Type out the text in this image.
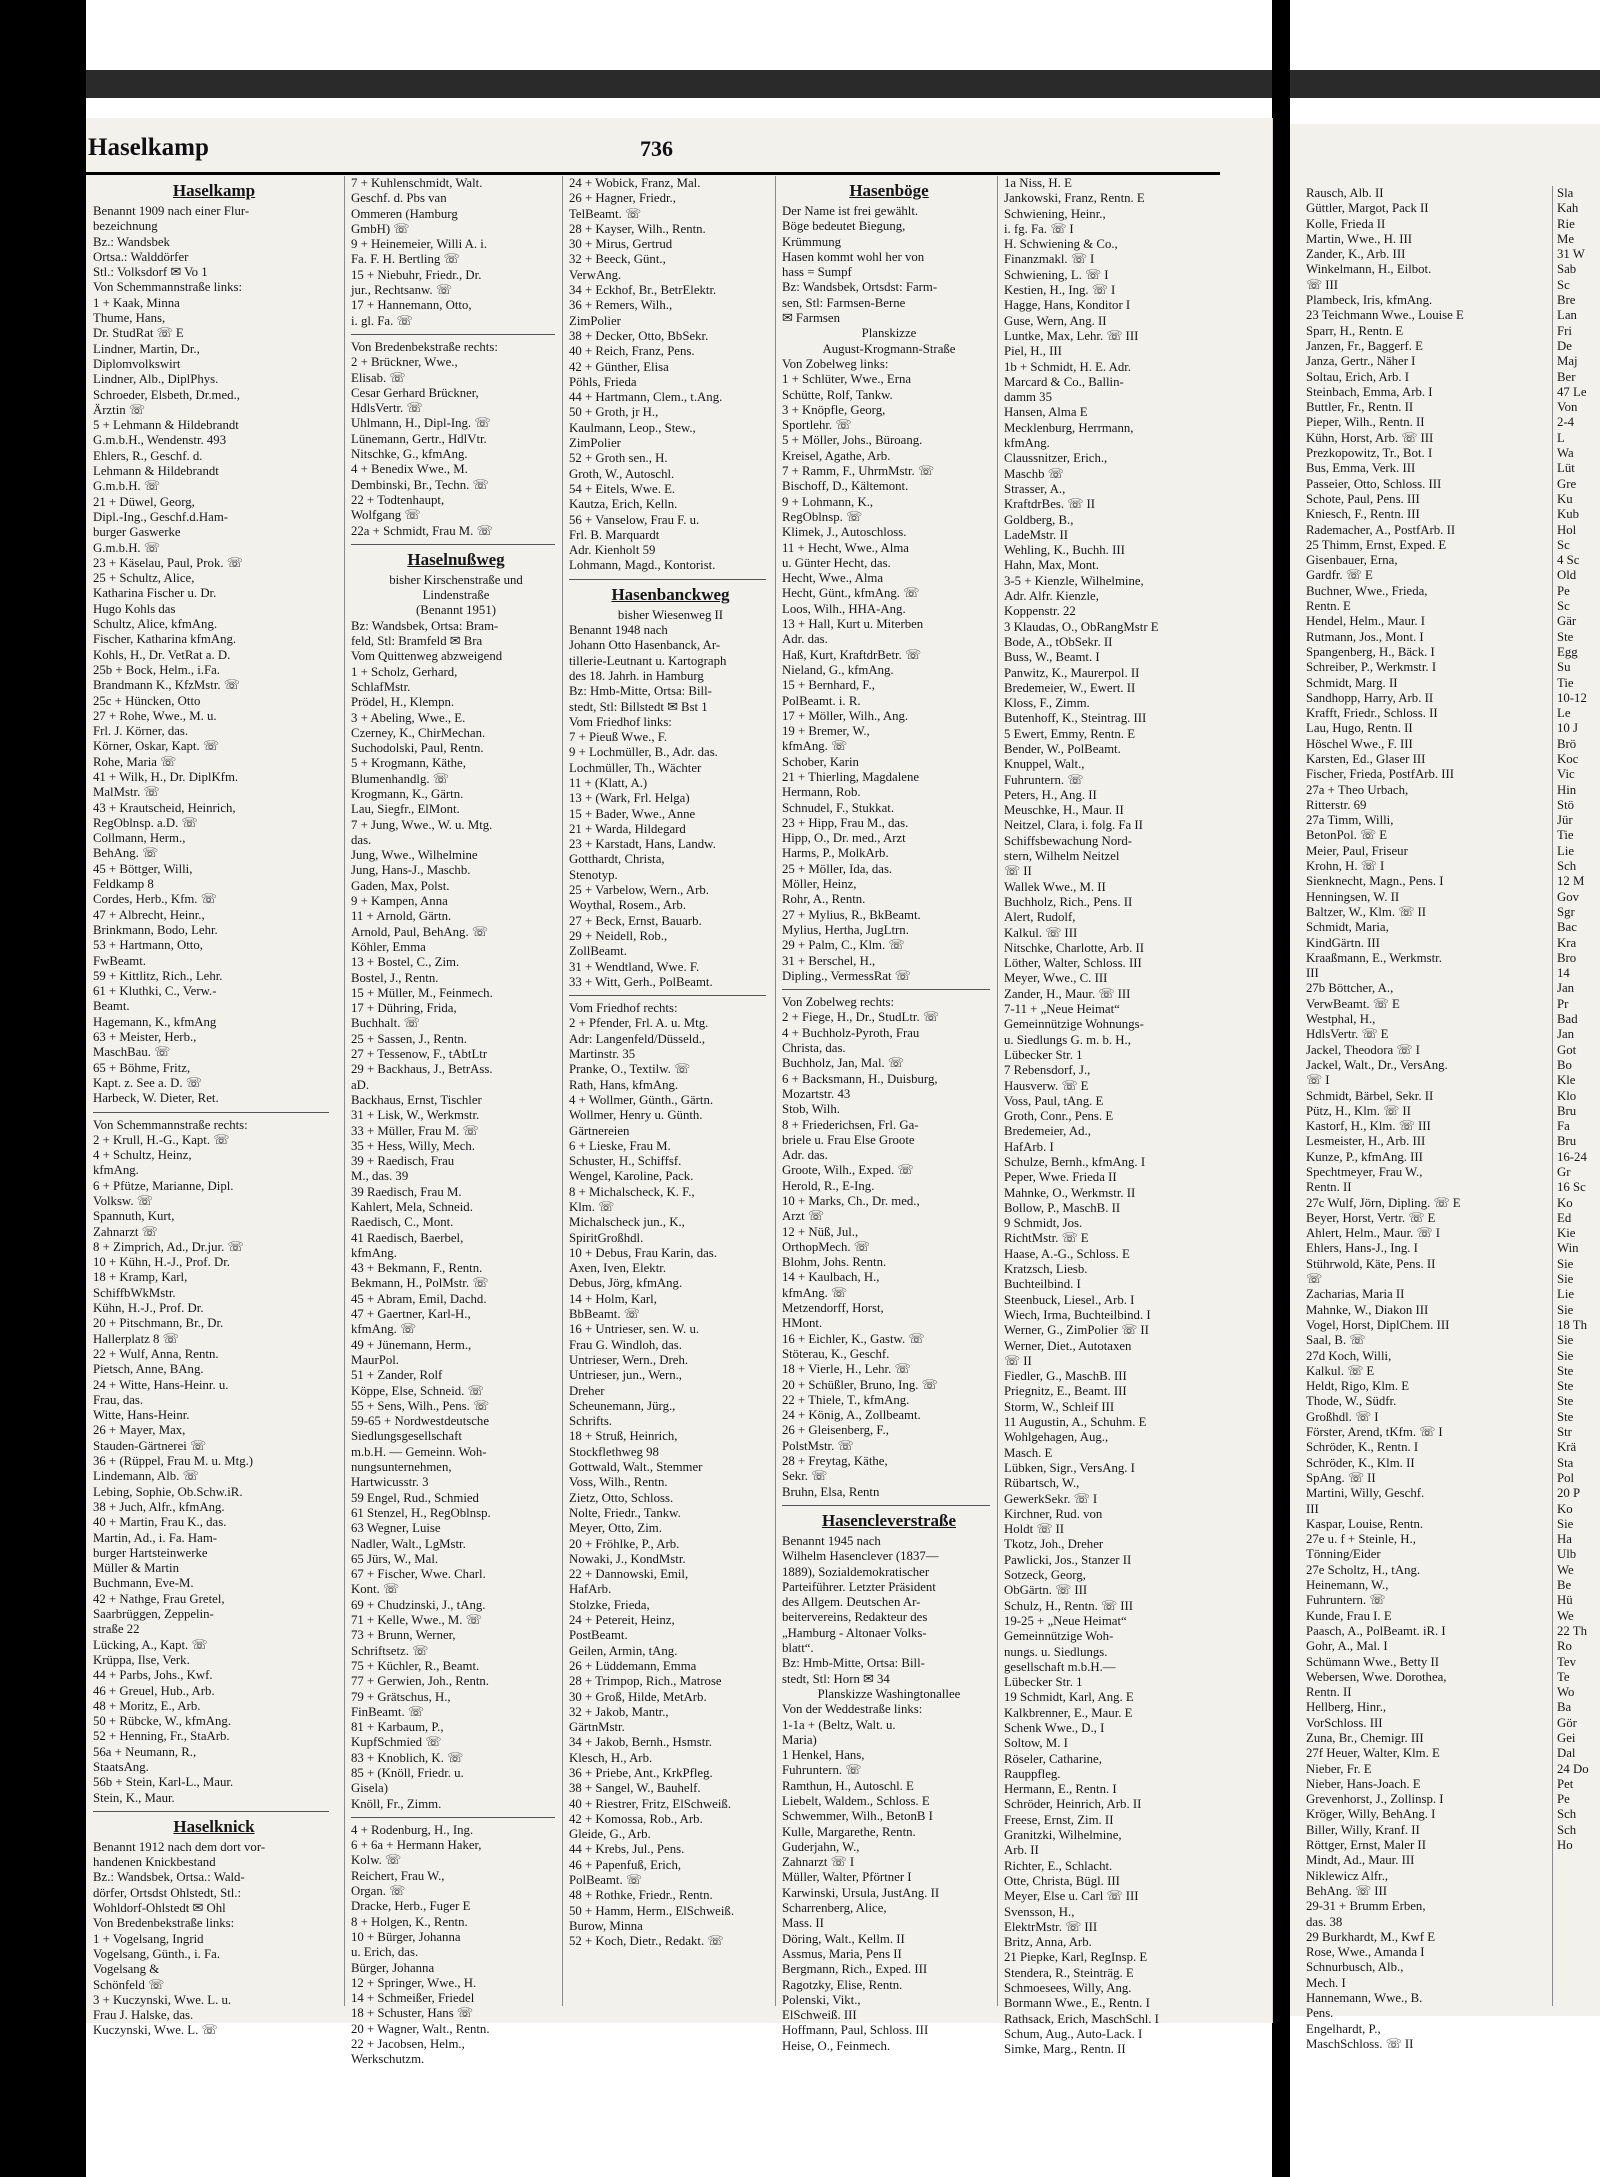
Haselkamp	736
Haselkamp
Benannt 1909 nach einer Flur-
bezeichnung
Bz.: Wandsbek
Ortsa.: Walddörfer
Stl.: Volksdorf ✉ Vo 1
Von Schemmannstraße links:
1 + Kaak, Minna
Thume, Hans,
Dr. StudRat ☏ E
Lindner, Martin, Dr.,
Diplomvolkswirt
Lindner, Alb., DiplPhys.
Schroeder, Elsbeth, Dr.med.,
Ärztin ☏
5 + Lehmann & Hildebrandt
G.m.b.H., Wendenstr. 493
Ehlers, R., Geschf. d.
Lehmann & Hildebrandt
G.m.b.H. ☏
21 + Düwel, Georg,
Dipl.-Ing., Geschf.d.Ham-
burger Gaswerke
G.m.b.H. ☏
23 + Käselau, Paul, Prok. ☏
25 + Schultz, Alice,
Katharina Fischer u. Dr.
Hugo Kohls das
Schultz, Alice, kfmAng.
Fischer, Katharina kfmAng.
Kohls, H., Dr. VetRat a. D.
25b + Bock, Helm., i.Fa.
Brandmann K., KfzMstr. ☏
25c + Hüncken, Otto
27 + Rohe, Wwe., M. u.
Frl. J. Körner, das.
Körner, Oskar, Kapt. ☏
Rohe, Maria ☏
41 + Wilk, H., Dr. DiplKfm.
MalMstr. ☏
43 + Krautscheid, Heinrich,
RegOblnsp. a.D. ☏
Collmann, Herm.,
BehAng. ☏
45 + Böttger, Willi,
Feldkamp 8
Cordes, Herb., Kfm. ☏
47 + Albrecht, Heinr.,
Brinkmann, Bodo, Lehr.
53 + Hartmann, Otto,
FwBeamt.
59 + Kittlitz, Rich., Lehr.
61 + Kluthki, C., Verw.-
Beamt.
Hagemann, K., kfmAng
63 + Meister, Herb.,
MaschBau. ☏
65 + Böhme, Fritz,
Kapt. z. See a. D. ☏
Harbeck, W. Dieter, Ret.
Von Schemmannstraße rechts:
2 + Krull, H.-G., Kapt. ☏
4 + Schultz, Heinz,
kfmAng.
6 + Pfütze, Marianne, Dipl.
Volksw. ☏
Spannuth, Kurt,
Zahnarzt ☏
8 + Zimprich, Ad., Dr.jur. ☏
10 + Kühn, H.-J., Prof. Dr.
18 + Kramp, Karl,
SchiffbWkMstr.
Kühn, H.-J., Prof. Dr.
20 + Pitschmann, Br., Dr.
Hallerplatz 8 ☏
22 + Wulf, Anna, Rentn.
Pietsch, Anne, BAng.
24 + Witte, Hans-Heinr. u.
Frau, das.
Witte, Hans-Heinr.
26 + Mayer, Max,
Stauden-Gärtnerei ☏
36 + (Rüppel, Frau M. u. Mtg.)
Lindemann, Alb. ☏
Lebing, Sophie, Ob.Schw.iR.
38 + Juch, Alfr., kfmAng.
40 + Martin, Frau K., das.
Martin, Ad., i. Fa. Ham-
burger Hartsteinwerke
Müller & Martin
Buchmann, Eve-M.
42 + Nathge, Frau Gretel,
Saarbrüggen, Zeppelin-
straße 22
Lücking, A., Kapt. ☏
Krüppa, Ilse, Verk.
44 + Parbs, Johs., Kwf.
46 + Greuel, Hub., Arb.
48 + Moritz, E., Arb.
50 + Rübcke, W., kfmAng.
52 + Henning, Fr., StaArb.
56a + Neumann, R.,
StaatsAng.
56b + Stein, Karl-L., Maur.
Stein, K., Maur.
Haselknick
Benannt 1912 nach dem dort vor-
handenen Knickbestand
Bz.: Wandsbek, Ortsa.: Wald-
dörfer, Ortsdst Ohlstedt, Stl.:
Wohldorf-Ohlstedt ✉ Ohl
Von Bredenbekstraße links:
1 + Vogelsang, Ingrid
Vogelsang, Günth., i. Fa.
Vogelsang &
Schönfeld ☏
3 + Kuczynski, Wwe. L. u.
Frau J. Halske, das.
Kuczynski, Wwe. L. ☏
7 + Kuhlenschmidt, Walt.
Geschf. d. Pbs van
Ommeren (Hamburg
GmbH) ☏
9 + Heinemeier, Willi A. i.
Fa. F. H. Bertling ☏
15 + Niebuhr, Friedr., Dr.
jur., Rechtsanw. ☏
17 + Hannemann, Otto,
i. gl. Fa. ☏
Von Bredenbekstraße rechts:
2 + Brückner, Wwe.,
Elisab. ☏
Cesar Gerhard Brückner,
HdlsVertr. ☏
Uhlmann, H., Dipl-Ing. ☏
Lünemann, Gertr., HdlVtr.
Nitschke, G., kfmAng.
4 + Benedix Wwe., M.
Dembinski, Br., Techn. ☏
22 + Todtenhaupt,
Wolfgang ☏
22a + Schmidt, Frau M. ☏
Haselnußweg
bisher Kirschenstraße und
Lindenstraße
(Benannt 1951)
Bz: Wandsbek, Ortsa: Bram-
feld, Stl: Bramfeld ✉ Bra
Vom Quittenweg abzweigend
1 + Scholz, Gerhard,
SchlafMstr.
Prödel, H., Klempn.
3 + Abeling, Wwe., E.
Czerney, K., ChirMechan.
Suchodolski, Paul, Rentn.
5 + Krogmann, Käthe,
Blumenhandlg. ☏
Krogmann, K., Gärtn.
Lau, Siegfr., ElMont.
7 + Jung, Wwe., W. u. Mtg.
das.
Jung, Wwe., Wilhelmine
Jung, Hans-J., Maschb.
Gaden, Max, Polst.
9 + Kampen, Anna
11 + Arnold, Gärtn.
Arnold, Paul, BehAng. ☏
Köhler, Emma
13 + Bostel, C., Zim.
Bostel, J., Rentn.
15 + Müller, M., Feinmech.
17 + Dühring, Frida,
Buchhalt. ☏
25 + Sassen, J., Rentn.
27 + Tessenow, F., tAbtLtr
29 + Backhaus, J., BetrAss.
aD.
Backhaus, Ernst, Tischler
31 + Lisk, W., Werkmstr.
33 + Müller, Frau M. ☏
35 + Hess, Willy, Mech.
39 + Raedisch, Frau
M., das. 39
39 Raedisch, Frau M.
Kahlert, Mela, Schneid.
Raedisch, C., Mont.
41 Raedisch, Baerbel,
kfmAng.
43 + Bekmann, F., Rentn.
Bekmann, H., PolMstr. ☏
45 + Abram, Emil, Dachd.
47 + Gaertner, Karl-H.,
kfmAng. ☏
49 + Jünemann, Herm.,
MaurPol.
51 + Zander, Rolf
Köppe, Else, Schneid. ☏
55 + Sens, Wilh., Pens. ☏
59-65 + Nordwestdeutsche
Siedlungsgesellschaft
m.b.H. — Gemeinn. Woh-
nungsunternehmen,
Hartwicusstr. 3
59 Engel, Rud., Schmied
61 Stenzel, H., RegOblnsp.
63 Wegner, Luise
Nadler, Walt., LgMstr.
65 Jürs, W., Mal.
67 + Fischer, Wwe. Charl.
Kont. ☏
69 + Chudzinski, J., tAng.
71 + Kelle, Wwe., M. ☏
73 + Brunn, Werner,
Schriftsetz. ☏
75 + Küchler, R., Beamt.
77 + Gerwien, Joh., Rentn.
79 + Grätschus, H.,
FinBeamt. ☏
81 + Karbaum, P.,
KupfSchmied ☏
83 + Knoblich, K. ☏
85 + (Knöll, Friedr. u.
Gisela)
Knöll, Fr., Zimm.
4 + Rodenburg, H., Ing.
6 + 6a + Hermann Haker,
Kolw. ☏
Reichert, Frau W.,
Organ. ☏
Dracke, Herb., Fuger E
8 + Holgen, K., Rentn.
10 + Bürger, Johanna
u. Erich, das.
Bürger, Johanna
12 + Springer, Wwe., H.
14 + Schmeißer, Friedel
18 + Schuster, Hans ☏
20 + Wagner, Walt., Rentn.
22 + Jacobsen, Helm.,
Werkschutzm.
24 + Wobick, Franz, Mal.
26 + Hagner, Friedr.,
TelBeamt. ☏
28 + Kayser, Wilh., Rentn.
30 + Mirus, Gertrud
32 + Beeck, Günt.,
VerwAng.
34 + Eckhof, Br., BetrElektr.
36 + Remers, Wilh.,
ZimPolier
38 + Decker, Otto, BbSekr.
40 + Reich, Franz, Pens.
42 + Günther, Elisa
Pöhls, Frieda
44 + Hartmann, Clem., t.Ang.
50 + Groth, jr H.,
Kaulmann, Leop., Stew.,
ZimPolier
52 + Groth sen., H.
Groth, W., Autoschl.
54 + Eitels, Wwe. E.
Kautza, Erich, Kelln.
56 + Vanselow, Frau F. u.
Frl. B. Marquardt
Adr. Kienholt 59
Lohmann, Magd., Kontorist.
Hasenbanckweg
bisher Wiesenweg II
Benannt 1948 nach
Johann Otto Hasenbanck, Ar-
tillerie-Leutnant u. Kartograph
des 18. Jahrh. in Hamburg
Bz: Hmb-Mitte, Ortsa: Bill-
stedt, Stl: Billstedt ✉ Bst 1
Vom Friedhof links:
7 + Pieuß Wwe., F.
9 + Lochmüller, B., Adr. das.
Lochmüller, Th., Wächter
11 + (Klatt, A.)
13 + (Wark, Frl. Helga)
15 + Bader, Wwe., Anne
21 + Warda, Hildegard
23 + Karstadt, Hans, Landw.
Gotthardt, Christa,
Stenotyp.
25 + Varbelow, Wern., Arb.
Woythal, Rosem., Arb.
27 + Beck, Ernst, Bauarb.
29 + Neidell, Rob.,
ZollBeamt.
31 + Wendtland, Wwe. F.
33 + Witt, Gerh., PolBeamt.
Vom Friedhof rechts:
2 + Pfender, Frl. A. u. Mtg.
Adr: Langenfeld/Düsseld.,
Martinstr. 35
Pranke, O., Textilw. ☏
Rath, Hans, kfmAng.
4 + Wollmer, Günth., Gärtn.
Wollmer, Henry u. Günth.
Gärtnereien
6 + Lieske, Frau M.
Schuster, H., Schiffsf.
Wengel, Karoline, Pack.
8 + Michalscheck, K. F.,
Klm. ☏
Michalscheck jun., K.,
SpiritGroßhdl.
10 + Debus, Frau Karin, das.
Axen, Iven, Elektr.
Debus, Jörg, kfmAng.
14 + Holm, Karl,
BbBeamt. ☏
16 + Untrieser, sen. W. u.
Frau G. Windloh, das.
Untrieser, Wern., Dreh.
Untrieser, jun., Wern.,
Dreher
Scheunemann, Jürg.,
Schrifts.
18 + Struß, Heinrich,
Stockflethweg 98
Gottwald, Walt., Stemmer
Voss, Wilh., Rentn.
Zietz, Otto, Schloss.
Nolte, Friedr., Tankw.
Meyer, Otto, Zim.
20 + Fröhlke, P., Arb.
Nowaki, J., KondMstr.
22 + Dannowski, Emil,
HafArb.
Stolzke, Frieda,
24 + Petereit, Heinz,
PostBeamt.
Geilen, Armin, tAng.
26 + Lüddemann, Emma
28 + Trimpop, Rich., Matrose
30 + Groß, Hilde, MetArb.
32 + Jakob, Mantr.,
GärtnMstr.
34 + Jakob, Bernh., Hsmstr.
Klesch, H., Arb.
36 + Priebe, Ant., KrkPfleg.
38 + Sangel, W., Bauhelf.
40 + Riestrer, Fritz, ElSchweiß.
42 + Komossa, Rob., Arb.
Gleide, G., Arb.
44 + Krebs, Jul., Pens.
46 + Papenfuß, Erich,
PolBeamt. ☏
48 + Rothke, Friedr., Rentn.
50 + Hamm, Herm., ElSchweiß.
Burow, Minna
52 + Koch, Dietr., Redakt. ☏
Hasenböge
Der Name ist frei gewählt.
Böge bedeutet Biegung,
Krümmung
Hasen kommt wohl her von
hass = Sumpf
Bz: Wandsbek, Ortsdst: Farm-
sen, Stl: Farmsen-Berne
✉ Farmsen
Planskizze
August-Krogmann-Straße
Von Zobelweg links:
1 + Schlüter, Wwe., Erna
Schütte, Rolf, Tankw.
3 + Knöpfle, Georg,
Sportlehr. ☏
5 + Möller, Johs., Büroang.
Kreisel, Agathe, Arb.
7 + Ramm, F., UhrmMstr. ☏
Bischoff, D., Kältemont.
9 + Lohmann, K.,
RegOblnsp. ☏
Klimek, J., Autoschloss.
11 + Hecht, Wwe., Alma
u. Günter Hecht, das.
Hecht, Wwe., Alma
Hecht, Günt., kfmAng. ☏
Loos, Wilh., HHA-Ang.
13 + Hall, Kurt u. Miterben
Adr. das.
Haß, Kurt, KraftdrBetr. ☏
Nieland, G., kfmAng.
15 + Bernhard, F.,
PolBeamt. i. R.
17 + Möller, Wilh., Ang.
19 + Bremer, W.,
kfmAng. ☏
Schober, Karin
21 + Thierling, Magdalene
Hermann, Rob.
Schnudel, F., Stukkat.
23 + Hipp, Frau M., das.
Hipp, O., Dr. med., Arzt
Harms, P., MolkArb.
25 + Möller, Ida, das.
Möller, Heinz,
Rohr, A., Rentn.
27 + Mylius, R., BkBeamt.
Mylius, Hertha, JugLtrn.
29 + Palm, C., Klm. ☏
31 + Berschel, H.,
Dipling., VermessRat ☏
Von Zobelweg rechts:
2 + Fiege, H., Dr., StudLtr. ☏
4 + Buchholz-Pyroth, Frau
Christa, das.
Buchholz, Jan, Mal. ☏
6 + Backsmann, H., Duisburg,
Mozartstr. 43
Stob, Wilh.
8 + Friederichsen, Frl. Ga-
briele u. Frau Else Groote
Adr. das.
Groote, Wilh., Exped. ☏
Herold, R., E-Ing.
10 + Marks, Ch., Dr. med.,
Arzt ☏
12 + Nüß, Jul.,
OrthopMech. ☏
Blohm, Johs. Rentn.
14 + Kaulbach, H.,
kfmAng. ☏
Metzendorff, Horst,
HMont.
16 + Eichler, K., Gastw. ☏
Stöterau, K., Geschf.
18 + Vierle, H., Lehr. ☏
20 + Schüßler, Bruno, Ing. ☏
22 + Thiele, T., kfmAng.
24 + König, A., Zollbeamt.
26 + Gleisenberg, F.,
PolstMstr. ☏
28 + Freytag, Käthe,
Sekr. ☏
Bruhn, Elsa, Rentn
Hasencleverstraße
Benannt 1945 nach
Wilhelm Hasenclever (1837—
1889), Sozialdemokratischer
Parteiführer. Letzter Präsident
des Allgem. Deutschen Ar-
beitervereins, Redakteur des
„Hamburg - Altonaer Volks-
blatt“.
Bz: Hmb-Mitte, Ortsa: Bill-
stedt, Stl: Horn ✉ 34
Planskizze Washingtonallee
Von der Weddestraße links:
1-1a + (Beltz, Walt. u.
Maria)
1 Henkel, Hans,
Fuhruntern. ☏
Ramthun, H., Autoschl. E
Liebelt, Waldem., Schloss. E
Schwemmer, Wilh., BetonB I
Kulle, Margarethe, Rentn.
Guderjahn, W.,
Zahnarzt ☏ I
Müller, Walter, Pförtner I
Karwinski, Ursula, JustAng. II
Scharrenberg, Alice,
Mass. II
Döring, Walt., Kellm. II
Assmus, Maria, Pens II
Bergmann, Rich., Exped. III
Ragotzky, Elise, Rentn.
Polenski, Vikt.,
ElSchweiß. III
Hoffmann, Paul, Schloss. III
Heise, O., Feinmech.
1a Niss, H. E
Jankowski, Franz, Rentn. E
Schwiening, Heinr.,
i. fg. Fa. ☏ I
H. Schwiening & Co.,
Finanzmakl. ☏ I
Schwiening, L. ☏ I
Kestien, H., Ing. ☏ I
Hagge, Hans, Konditor I
Guse, Wern, Ang. II
Luntke, Max, Lehr. ☏ III
Piel, H., III
1b + Schmidt, H. E. Adr.
Marcard & Co., Ballin-
damm 35
Hansen, Alma E
Mecklenburg, Herrmann,
kfmAng.
Claussnitzer, Erich.,
Maschb ☏
Strasser, A.,
KraftdrBes. ☏ II
Goldberg, B.,
LadeMstr. II
Wehling, K., Buchh. III
Hahn, Max, Mont.
3-5 + Kienzle, Wilhelmine,
Adr. Alfr. Kienzle,
Koppenstr. 22
3 Klaudas, O., ObRangMstr E
Bode, A., tObSekr. II
Buss, W., Beamt. I
Panwitz, K., Maurerpol. II
Bredemeier, W., Ewert. II
Kloss, F., Zimm.
Butenhoff, K., Steintrag. III
5 Ewert, Emmy, Rentn. E
Bender, W., PolBeamt.
Knuppel, Walt.,
Fuhruntern. ☏
Peters, H., Ang. II
Meuschke, H., Maur. II
Neitzel, Clara, i. folg. Fa II
Schiffsbewachung Nord-
stern, Wilhelm Neitzel
☏ II
Wallek Wwe., M. II
Buchholz, Rich., Pens. II
Alert, Rudolf,
Kalkul. ☏ III
Nitschke, Charlotte, Arb. II
Löther, Walter, Schloss. III
Meyer, Wwe., C. III
Zander, H., Maur. ☏ III
7-11 + „Neue Heimat“
Gemeinnützige Wohnungs-
u. Siedlungs G. m. b. H.,
Lübecker Str. 1
7 Rebensdorf, J.,
Hausverw. ☏ E
Voss, Paul, tAng. E
Groth, Conr., Pens. E
Bredemeier, Ad.,
HafArb. I
Schulze, Bernh., kfmAng. I
Peper, Wwe. Frieda II
Mahnke, O., Werkmstr. II
Bollow, P., MaschB. II
9 Schmidt, Jos.
RichtMstr. ☏ E
Haase, A.-G., Schloss. E
Kratzsch, Liesb.
Buchteilbind. I
Steenbuck, Liesel., Arb. I
Wiech, Irma, Buchteilbind. I
Werner, G., ZimPolier ☏ II
Werner, Diet., Autotaxen
☏ II
Fiedler, G., MaschB. III
Priegnitz, E., Beamt. III
Storm, W., Schleif III
11 Augustin, A., Schuhm. E
Wohlgehagen, Aug.,
Masch. E
Lübken, Sigr., VersAng. I
Rübartsch, W.,
GewerkSekr. ☏ I
Kirchner, Rud. von
Holdt ☏ II
Tkotz, Joh., Dreher
Pawlicki, Jos., Stanzer II
Sotzeck, Georg,
ObGärtn. ☏ III
Schulz, H., Rentn. ☏ III
19-25 + „Neue Heimat“
Gemeinnützige Woh-
nungs. u. Siedlungs.
gesellschaft m.b.H.—
Lübecker Str. 1
19 Schmidt, Karl, Ang. E
Kalkbrenner, E., Maur. E
Schenk Wwe., D., I
Soltow, M. I
Röseler, Catharine,
Rauppflеg.
Hermann, E., Rentn. I
Schröder, Heinrich, Arb. II
Freese, Ernst, Zim. II
Granitzki, Wilhelmine,
Arb. II
Richter, E., Schlacht.
Otte, Christa, Bügl. III
Meyer, Else u. Carl ☏ III
Svensson, H.,
ElektrMstr. ☏ III
Britz, Anna, Arb.
21 Piepke, Karl, RegInsp. E
Stendera, R., Steinträg. E
Schmoesees, Willy, Ang.
Bormann Wwe., E., Rentn. I
Rathsack, Erich, MaschSchl. I
Schum, Aug., Auto-Lack. I
Simke, Marg., Rentn. II
Rausch, Alb. II
Güttler, Margot, Pack II
Kolle, Frieda II
Martin, Wwe., H. III
Zander, K., Arb. III
Winkelmann, H., Eilbot.
☏ III
Plambeck, Iris, kfmAng.
23 Teichmann Wwe., Louise E
Sparr, H., Rentn. E
Janzen, Fr., Baggerf. E
Janza, Gertr., Näher I
Soltau, Erich, Arb. I
Steinbach, Emma, Arb. I
Buttler, Fr., Rentn. II
Pieper, Wilh., Rentn. II
Kühn, Horst, Arb. ☏ III
Prezkopowitz, Tr., Bot. I
Bus, Emma, Verk. III
Passeier, Otto, Schloss. III
Schote, Paul, Pens. III
Kniesch, F., Rentn. III
Rademacher, A., PostfArb. II
25 Thimm, Ernst, Exped. E
Gisenbauer, Erna,
Gardfr. ☏ E
Buchner, Wwe., Frieda,
Rentn. E
Hendel, Helm., Maur. I
Rutmann, Jos., Mont. I
Spangenberg, H., Bäck. I
Schreiber, P., Werkmstr. I
Schmidt, Marg. II
Sandhopp, Harry, Arb. II
Krafft, Friedr., Schloss. II
Lau, Hugo, Rentn. II
Höschel Wwe., F. III
Karsten, Ed., Glaser III
Fischer, Frieda, PostfArb. III
27a + Theo Urbach,
Ritterstr. 69
27a Timm, Willi,
BetonPol. ☏ E
Meier, Paul, Friseur
Krohn, H. ☏ I
Sienknecht, Magn., Pens. I
Henningsen, W. II
Baltzer, W., Klm. ☏ II
Schmidt, Maria,
KindGärtn. III
Kraaßmann, E., Werkmstr.
III
27b Böttcher, A.,
VerwBeamt. ☏ E
Westphal, H.,
HdlsVertr. ☏ E
Jackel, Theodora ☏ I
Jackel, Walt., Dr., VersAng.
☏ I
Schmidt, Bärbel, Sekr. II
Pütz, H., Klm. ☏ II
Kastorf, H., Klm. ☏ III
Lesmeister, H., Arb. III
Kunze, P., kfmAng. III
Spechtmeyer, Frau W.,
Rentn. II
27c Wulf, Jörn, Dipling. ☏ E
Beyer, Horst, Vertr. ☏ E
Ahlert, Helm., Maur. ☏ I
Ehlers, Hans-J., Ing. I
Stührwold, Käte, Pens. II
☏
Zacharias, Maria II
Mahnke, W., Diakon III
Vogel, Horst, DiplChem. III
Saal, B. ☏
27d Koch, Willi,
Kalkul. ☏ E
Heldt, Rigo, Klm. E
Thode, W., Südfr.
Großhdl. ☏ I
Förster, Arend, tKfm. ☏ I
Schröder, K., Rentn. I
Schröder, K., Klm. II
SpAng. ☏ II
Martini, Willy, Geschf.
III
Kaspar, Louise, Rentn.
27e u. f + Steinle, H.,
Tönning/Eider
27e Scholtz, H., tAng.
Heinemann, W.,
Fuhruntern. ☏
Kunde, Frau I. E
Paasch, A., PolBeamt. iR. I
Gohr, A., Mal. I
Schümann Wwe., Betty II
Webersen, Wwe. Dorothea,
Rentn. II
Hellberg, Hinr.,
VorSchloss. III
Zuna, Br., Chemigr. III
27f Heuer, Walter, Klm. E
Nieber, Fr. E
Nieber, Hans-Joach. E
Grevenhorst, J., Zollinsp. I
Kröger, Willy, BehAng. I
Biller, Willy, Kranf. II
Röttger, Ernst, Maler II
Mindt, Ad., Maur. III
Niklewicz Alfr.,
BehAng. ☏ III
29-31 + Brumm Erben,
das. 38
29 Burkhardt, M., Kwf E
Rose, Wwe., Amanda I
Schnurbusch, Alb.,
Mech. I
Hannemann, Wwe., B.
Pens.
Engelhardt, P.,
MaschSchloss. ☏ II
Sla
Kah
Rie
Me
31 W
Sab
Sc
Bre
Lan
Fri
De
Maj
Ber
47 Le
Von
2-4
L
Wa
Lüt
Gre
Ku
Kub
Hol
Sc
4 Sc
Old
Pe
Sc
Gär
Ste
Egg
Su
Tie
10-12
Le
10 J
Brö
Koc
Vic
Hin
Stö
Jür
Tie
Lie
Sch
12 M
Gov
Sgr
Bac
Kra
Bro
14
Jan
Pr
Bad
Jan
Got
Bo
Kle
Klo
Bru
Fa
Bru
16-24
Gr
16 Sc
Ko
Ed
Kie
Win
Sie
Sie
Lie
Sie
18 Th
Sie
Sie
Ste
Ste
Ste
Ste
Str
Krä
Sta
Pol
20 P
Ko
Sie
Ha
Ulb
We
Be
Hü
We
22 Th
Ro
Tev
Te
Wo
Ba
Gör
Gei
Dal
24 Do
Pet
Pe
Sch
Sch
Ho
